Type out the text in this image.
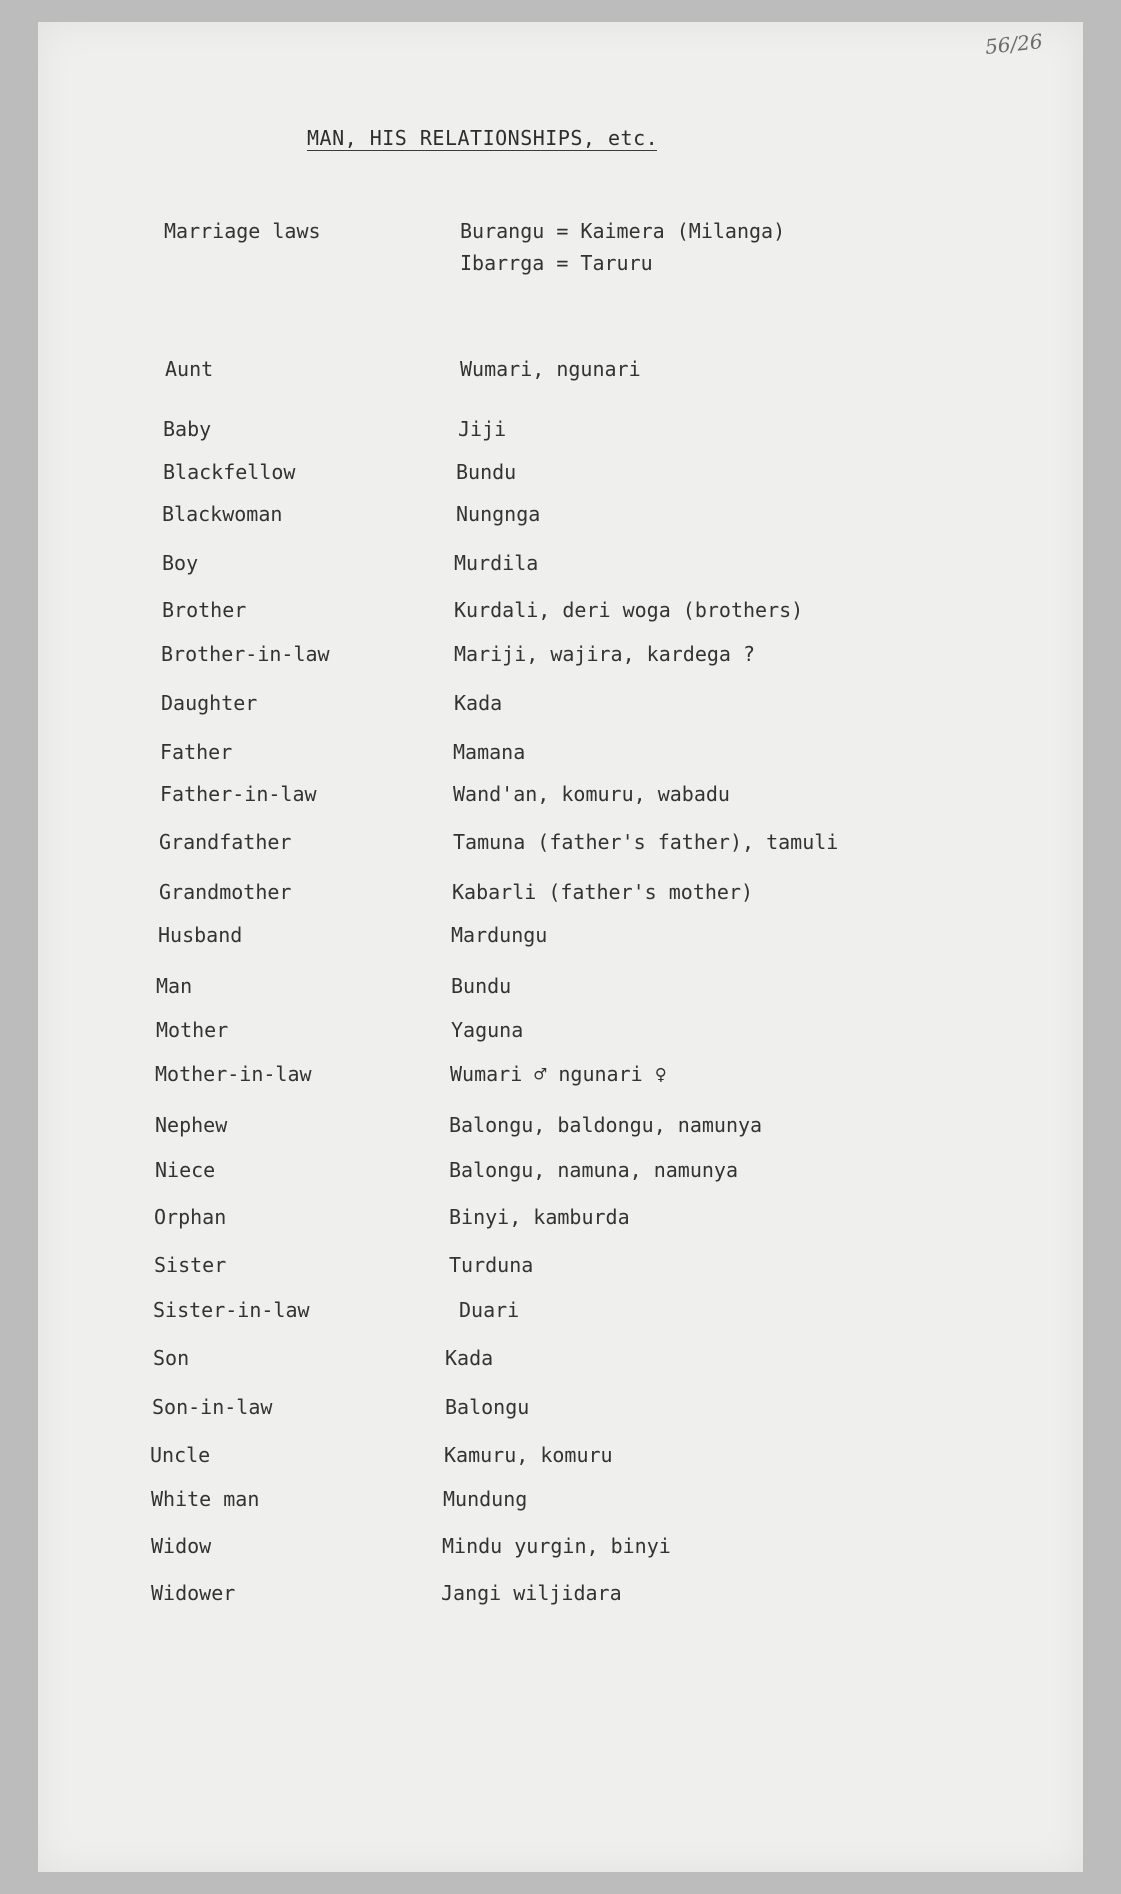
56/26
MAN, HIS RELATIONSHIPS, etc.
Marriage laws	Burangu = Kaimera (Milanga)
Ibarrga = Taruru
Aunt	Wumari, ngunari
Baby	Jiji
Blackfellow	Bundu
Blackwoman	Nungnga
Boy	Murdila
Brother	Kurdali, deri woga (brothers)
Brother-in-law	Mariji, wajira, kardega ?
Daughter	Kada
Father	Mamana
Father-in-law	Wand'an, komuru, wabadu
Grandfather	Tamuna (father's father), tamuli
Grandmother	Kabarli (father's mother)
Husband	Mardungu
Man	Bundu
Mother	Yaguna
Mother-in-law	Wumari ♂ ngunari ♀
Nephew	Balongu, baldongu, namunya
Niece	Balongu, namuna, namunya
Orphan	Binyi, kamburda
Sister	Turduna
Sister-in-law	Duari
Son	Kada
Son-in-law	Balongu
Uncle	Kamuru, komuru
White man	Mundung
Widow	Mindu yurgin, binyi
Widower	Jangi wiljidara
